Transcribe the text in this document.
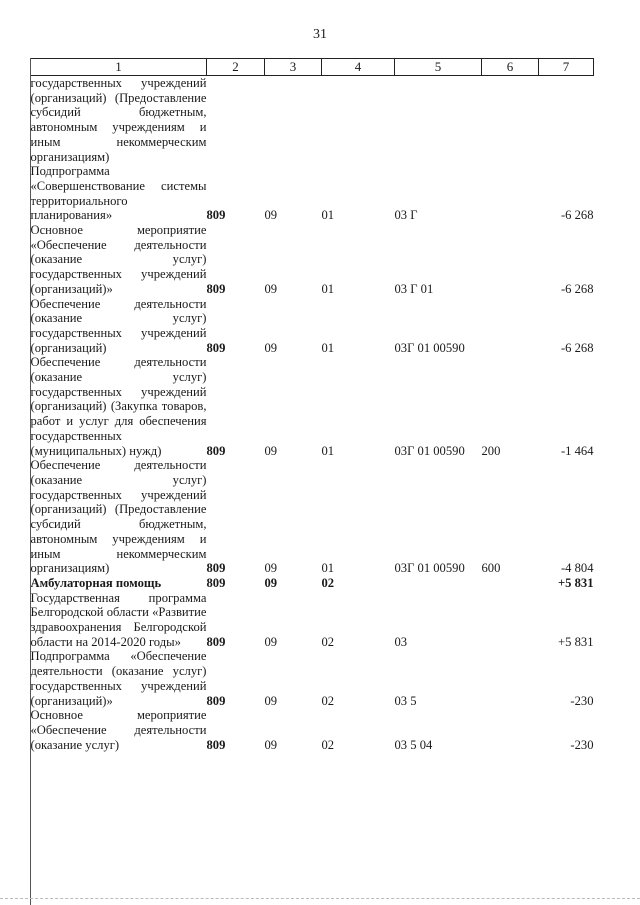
31
1	2	3	4	5	6	7
государственных учреждений (организаций) (Предоставление субсидий бюджетным, автономным учреждениям и иным некоммерческим организациям)						
Подпрограмма «Совершенствование системы территориального планирования»	809	09	01	03 Г		-6 268
Основное мероприятие «Обеспечение деятельности (оказание услуг) государственных учреждений (организаций)»	809	09	01	03 Г 01		-6 268
Обеспечение деятельности (оказание услуг) государственных учреждений (организаций)	809	09	01	03Г 01 00590		-6 268
Обеспечение деятельности (оказание услуг) государственных учреждений (организаций) (Закупка товаров, работ и услуг для обеспечения государственных (муниципальных) нужд)	809	09	01	03Г 01 00590	200	-1 464
Обеспечение деятельности (оказание услуг) государственных учреждений (организаций) (Предоставление субсидий бюджетным, автономным учреждениям и иным некоммерческим организациям)	809	09	01	03Г 01 00590	600	-4 804
Амбулаторная помощь	809	09	02			+5 831
Государственная программа Белгородской области «Развитие здравоохранения Белгородской области на 2014-2020 годы»	809	09	02	03		+5 831
Подпрограмма «Обеспечение деятельности (оказание услуг) государственных учреждений (организаций)»	809	09	02	03 5		-230
Основное мероприятие «Обеспечение деятельности (оказание услуг)	809	09	02	03 5 04		-230
